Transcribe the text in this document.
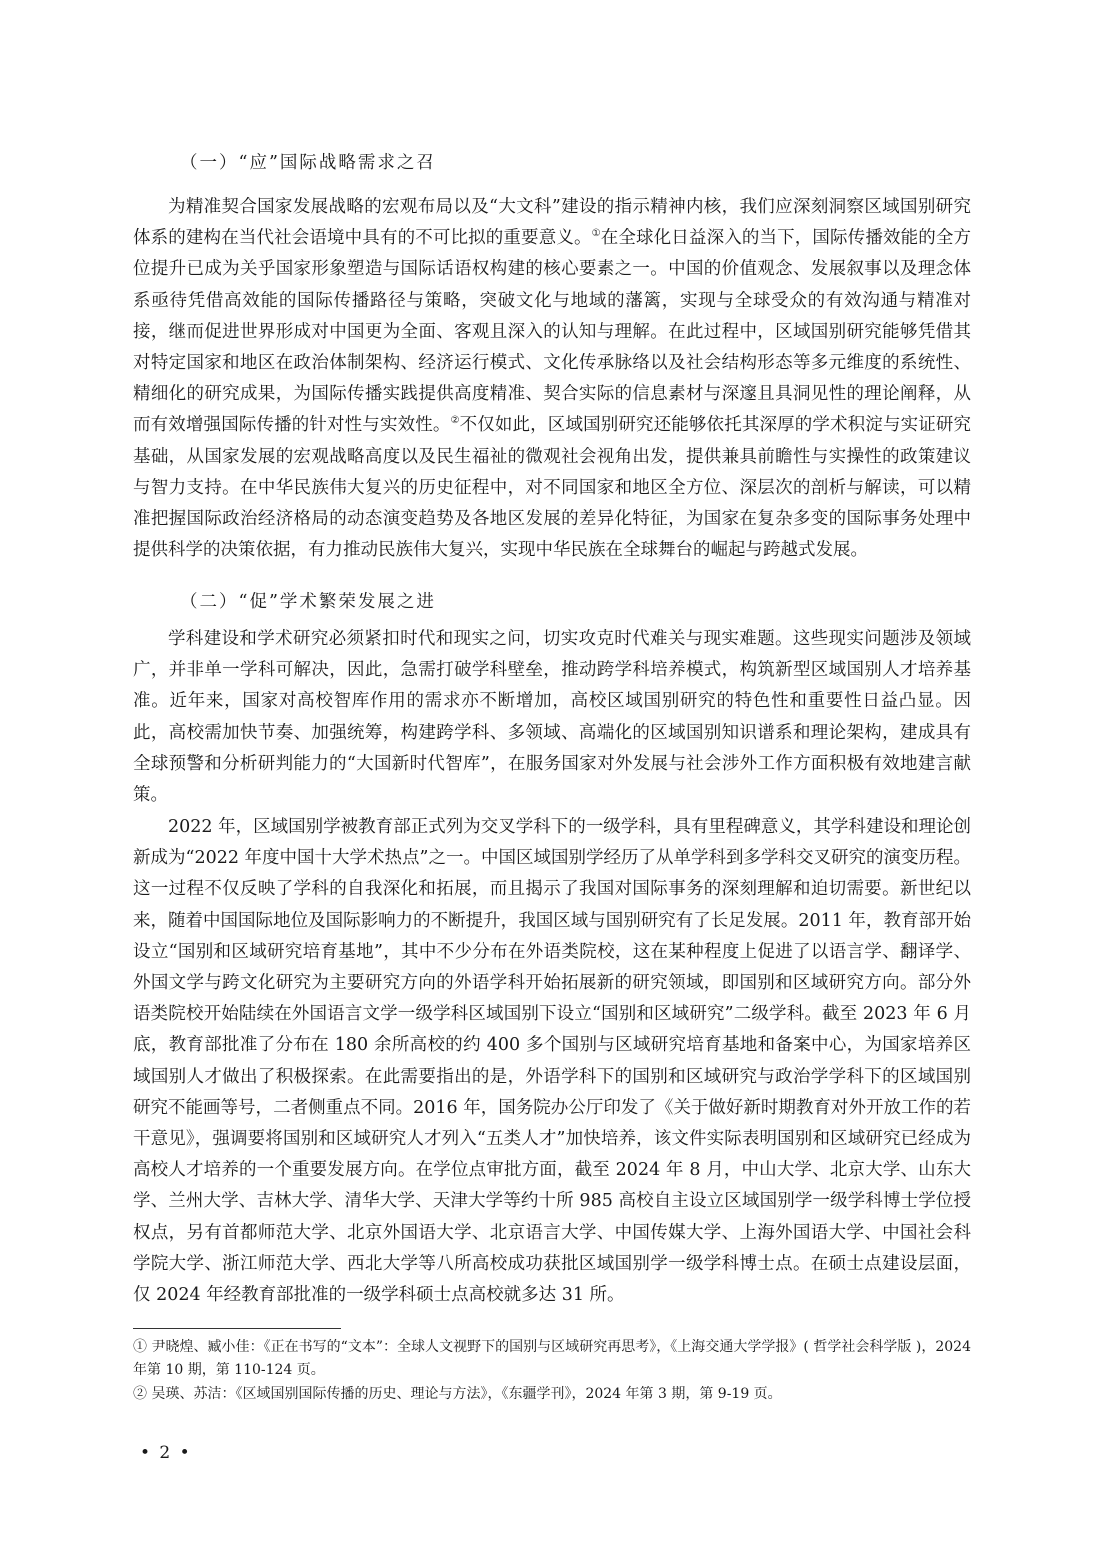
（一）“应”国际战略需求之召

为精准契合国家发展战略的宏观布局以及“大文科”建设的指示精神内核，我们应深刻洞察区域国别研究体系的建构在当代社会语境中具有的不可比拟的重要意义。①在全球化日益深入的当下，国际传播效能的全方位提升已成为关乎国家形象塑造与国际话语权构建的核心要素之一。中国的价值观念、发展叙事以及理念体系亟待凭借高效能的国际传播路径与策略，突破文化与地域的藩篱，实现与全球受众的有效沟通与精准对接，继而促进世界形成对中国更为全面、客观且深入的认知与理解。在此过程中，区域国别研究能够凭借其对特定国家和地区在政治体制架构、经济运行模式、文化传承脉络以及社会结构形态等多元维度的系统性、精细化的研究成果，为国际传播实践提供高度精准、契合实际的信息素材与深邃且具洞见性的理论阐释，从而有效增强国际传播的针对性与实效性。②不仅如此，区域国别研究还能够依托其深厚的学术积淀与实证研究基础，从国家发展的宏观战略高度以及民生福祉的微观社会视角出发，提供兼具前瞻性与实操性的政策建议与智力支持。在中华民族伟大复兴的历史征程中，对不同国家和地区全方位、深层次的剖析与解读，可以精准把握国际政治经济格局的动态演变趋势及各地区发展的差异化特征，为国家在复杂多变的国际事务处理中提供科学的决策依据，有力推动民族伟大复兴，实现中华民族在全球舞台的崛起与跨越式发展。

（二）“促”学术繁荣发展之进

学科建设和学术研究必须紧扣时代和现实之问，切实攻克时代难关与现实难题。这些现实问题涉及领域广，并非单一学科可解决，因此，急需打破学科壁垒，推动跨学科培养模式，构筑新型区域国别人才培养基准。近年来，国家对高校智库作用的需求亦不断增加，高校区域国别研究的特色性和重要性日益凸显。因此，高校需加快节奏、加强统筹，构建跨学科、多领域、高端化的区域国别知识谱系和理论架构，建成具有全球预警和分析研判能力的“大国新时代智库”，在服务国家对外发展与社会涉外工作方面积极有效地建言献策。

2022 年，区域国别学被教育部正式列为交叉学科下的一级学科，具有里程碑意义，其学科建设和理论创新成为“2022 年度中国十大学术热点”之一。中国区域国别学经历了从单学科到多学科交叉研究的演变历程。这一过程不仅反映了学科的自我深化和拓展，而且揭示了我国对国际事务的深刻理解和迫切需要。新世纪以来，随着中国国际地位及国际影响力的不断提升，我国区域与国别研究有了长足发展。2011 年，教育部开始设立“国别和区域研究培育基地”，其中不少分布在外语类院校，这在某种程度上促进了以语言学、翻译学、外国文学与跨文化研究为主要研究方向的外语学科开始拓展新的研究领域，即国别和区域研究方向。部分外语类院校开始陆续在外国语言文学一级学科区域国别下设立“国别和区域研究”二级学科。截至 2023 年 6 月底，教育部批准了分布在 180 余所高校的约 400 多个国别与区域研究培育基地和备案中心，为国家培养区域国别人才做出了积极探索。在此需要指出的是，外语学科下的国别和区域研究与政治学学科下的区域国别研究不能画等号，二者侧重点不同。2016 年，国务院办公厅印发了《关于做好新时期教育对外开放工作的若干意见》，强调要将国别和区域研究人才列入“五类人才”加快培养，该文件实际表明国别和区域研究已经成为高校人才培养的一个重要发展方向。在学位点审批方面，截至 2024 年 8 月，中山大学、北京大学、山东大学、兰州大学、吉林大学、清华大学、天津大学等约十所 985 高校自主设立区域国别学一级学科博士学位授权点，另有首都师范大学、北京外国语大学、北京语言大学、中国传媒大学、上海外国语大学、中国社会科学院大学、浙江师范大学、西北大学等八所高校成功获批区域国别学一级学科博士点。在硕士点建设层面，仅 2024 年经教育部批准的一级学科硕士点高校就多达 31 所。

① 尹晓煌、臧小佳：《正在书写的“文本”：全球人文视野下的国别与区域研究再思考》，《上海交通大学学报》( 哲学社会科学版 )，2024 年第 10 期，第 110-124 页。

② 吴瑛、苏洁：《区域国别国际传播的历史、理论与方法》，《东疆学刊》，2024 年第 3 期，第 9-19 页。

• 2 •
